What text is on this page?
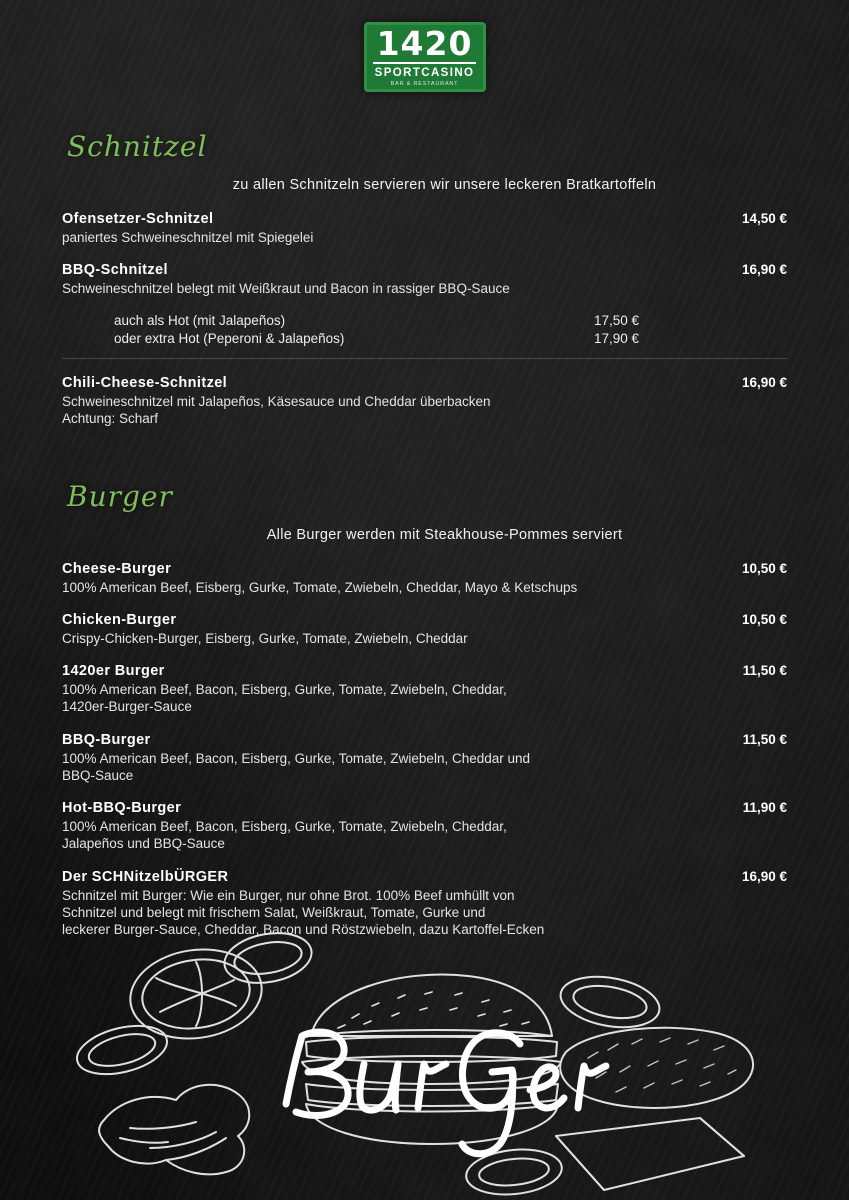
1420
SPORTCASINO
BAR & RESTAURANT
Schnitzel
zu allen Schnitzeln servieren wir unsere leckeren Bratkartoffeln
Ofensetzer-Schnitzel	14,50 €
paniertes Schweineschnitzel mit Spiegelei
BBQ-Schnitzel	16,90 €
Schweineschnitzel belegt mit Weißkraut und Bacon in rassiger BBQ-Sauce
auch als Hot (mit Jalapeños)	17,50 €
oder extra Hot (Peperoni & Jalapeños)	17,90 €
Chili-Cheese-Schnitzel	16,90 €
Schweineschnitzel mit Jalapeños, Käsesauce und Cheddar überbacken
Achtung: Scharf
Burger
Alle Burger werden mit Steakhouse-Pommes serviert
Cheese-Burger	10,50 €
100% American Beef, Eisberg, Gurke, Tomate, Zwiebeln, Cheddar, Mayo & Ketschups
Chicken-Burger	10,50 €
Crispy-Chicken-Burger, Eisberg, Gurke, Tomate, Zwiebeln, Cheddar
1420er Burger	11,50 €
100% American Beef, Bacon, Eisberg, Gurke, Tomate, Zwiebeln, Cheddar,
1420er-Burger-Sauce
BBQ-Burger	11,50 €
100% American Beef, Bacon, Eisberg, Gurke, Tomate, Zwiebeln, Cheddar und
BBQ-Sauce
Hot-BBQ-Burger	11,90 €
100% American Beef, Bacon, Eisberg, Gurke, Tomate, Zwiebeln, Cheddar,
Jalapeños und BBQ-Sauce
Der SCHNitzelbÜRGER	16,90 €
Schnitzel mit Burger: Wie ein Burger, nur ohne Brot. 100% Beef umhüllt von
Schnitzel und belegt mit frischem Salat, Weißkraut, Tomate, Gurke und
leckerer Burger-Sauce, Cheddar, Bacon und Röstzwiebeln, dazu Kartoffel-Ecken
